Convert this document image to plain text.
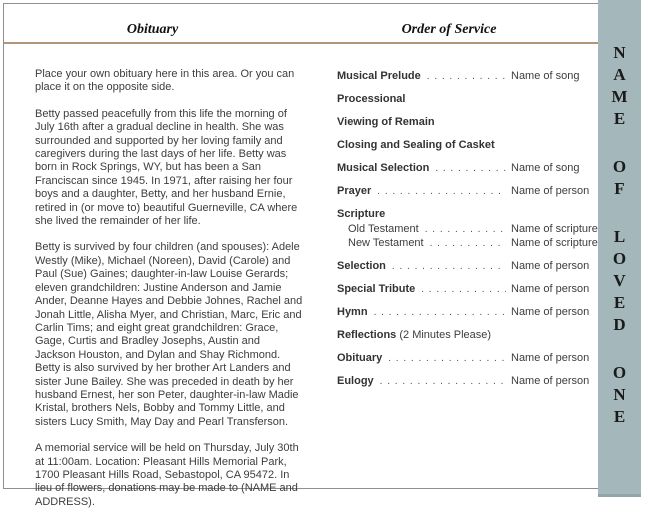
Obituary	Order of Service
Place your own obituary here in this area. Or you can place it on the opposite side.
Betty passed peacefully from this life the morning of July 16th after a gradual decline in health. She was surrounded and supported by her loving family and caregivers during the last days of her life. Betty was born in Rock Springs, WY, but has been a San Franciscan since 1945. In 1971, after raising her four boys and a daughter, Betty, and her husband Ernie, retired in (or move to) beautiful Guerneville, CA where she lived the remainder of her life.
Betty is survived by four children (and spouses): Adele Westly (Mike), Michael (Noreen), David (Carole) and Paul (Sue) Gaines; daughter-in-law Louise Gerards; eleven grandchildren: Justine Anderson and Jamie Ander, Deanne Hayes and Debbie Johnes, Rachel and Jonah Little, Alisha Myer, and Christian, Marc, Eric and Carlin Tims; and eight great grandchildren: Grace, Gage, Curtis and Bradley Josephs, Austin and Jackson Houston, and Dylan and Shay Richmond. Betty is also survived by her brother Art Landers and sister June Bailey. She was preceded in death by her husband Ernest, her son Peter, daughter-in-law Madie Kristal, brothers Nels, Bobby and Tommy Little, and sisters Lucy Smith, May Day and Pearl Transferson.
A memorial service will be held on Thursday, July 30th at 11:00am. Location: Pleasant Hills Memorial Park, 1700 Pleasant Hills Road, Sebastopol, CA 95472. In lieu of flowers, donations may be made to (NAME and ADDRESS).
Musical Prelude . . .	Name of song
Processional
Viewing of Remain
Closing and Sealing of Casket
Musical Selection . . .	Name of song
Prayer . . .	Name of person
Scripture
Old Testament . . .	Name of scripture
New Testament . . .	Name of scripture
Selection . . .	Name of person
Special Tribute . . .	Name of person
Hymn . . .	Name of person
Reflections (2 Minutes Please)
Obituary . . .	Name of person
Eulogy . . .	Name of person
N
A
M
E
O
F
L
O
V
E
D
O
N
E
